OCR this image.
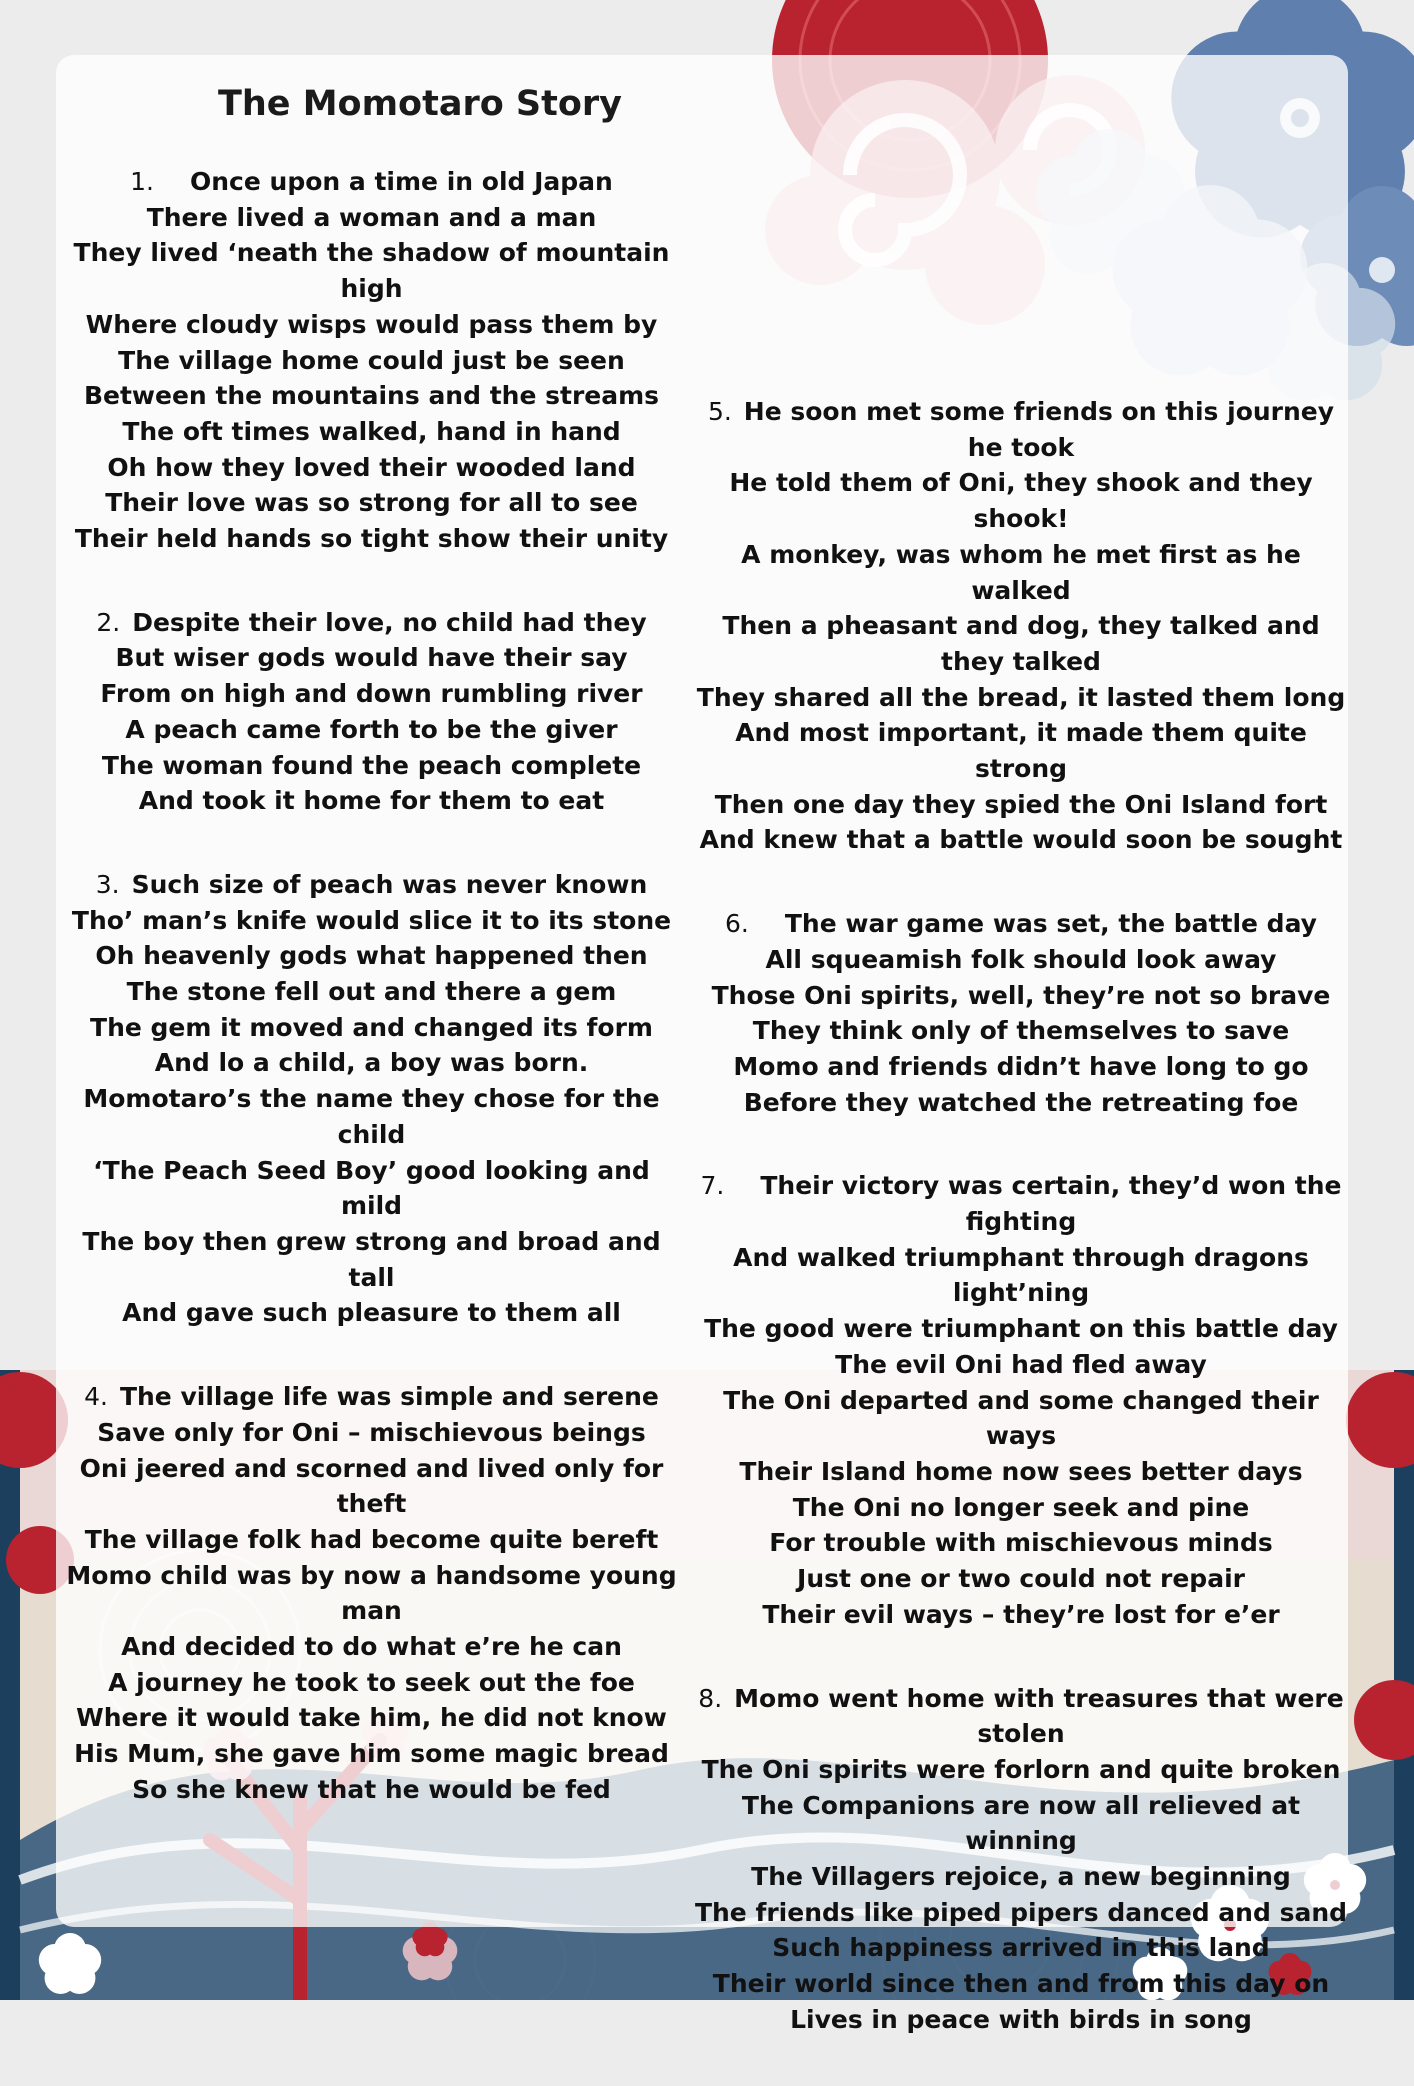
The Momotaro Story
1. Once upon a time in old Japan
There lived a woman and a man
They lived ‘neath the shadow of mountain high
Where cloudy wisps would pass them by
The village home could just be seen
Between the mountains and the streams
The oft times walked, hand in hand
Oh how they loved their wooded land
Their love was so strong for all to see
Their held hands so tight show their unity
2. Despite their love, no child had they
But wiser gods would have their say
From on high and down rumbling river
A peach came forth to be the giver
The woman found the peach complete
And took it home for them to eat
3. Such size of peach was never known
Tho’ man’s knife would slice it to its stone
Oh heavenly gods what happened then
The stone fell out and there a gem
The gem it moved and changed its form
And lo a child, a boy was born.
Momotaro’s the name they chose for the child
‘The Peach Seed Boy’ good looking and mild
The boy then grew strong and broad and tall
And gave such pleasure to them all
4. The village life was simple and serene
Save only for Oni – mischievous beings
Oni jeered and scorned and lived only for theft
The village folk had become quite bereft
Momo child was by now a handsome young man
And decided to do what e’re he can
A journey he took to seek out the foe
Where it would take him, he did not know
His Mum, she gave him some magic bread
So she knew that he would be fed
5. He soon met some friends on this journey he took
He told them of Oni, they shook and they shook!
A monkey, was whom he met first as he walked
Then a pheasant and dog, they talked and they talked
They shared all the bread, it lasted them long
And most important, it made them quite strong
Then one day they spied the Oni Island fort
And knew that a battle would soon be sought
6. The war game was set, the battle day
All squeamish folk should look away
Those Oni spirits, well, they’re not so brave
They think only of themselves to save
Momo and friends didn’t have long to go
Before they watched the retreating foe
7. Their victory was certain, they’d won the fighting
And walked triumphant through dragons light’ning
The good were triumphant on this battle day
The evil Oni had fled away
The Oni departed and some changed their ways
Their Island home now sees better days
The Oni no longer seek and pine
For trouble with mischievous minds
Just one or two could not repair
Their evil ways – they’re lost for e’er
8. Momo went home with treasures that were stolen
The Oni spirits were forlorn and quite broken
The Companions are now all relieved at winning
The Villagers rejoice, a new beginning
The friends like piped pipers danced and sand
Such happiness arrived in this land
Their world since then and from this day on
Lives in peace with birds in song
